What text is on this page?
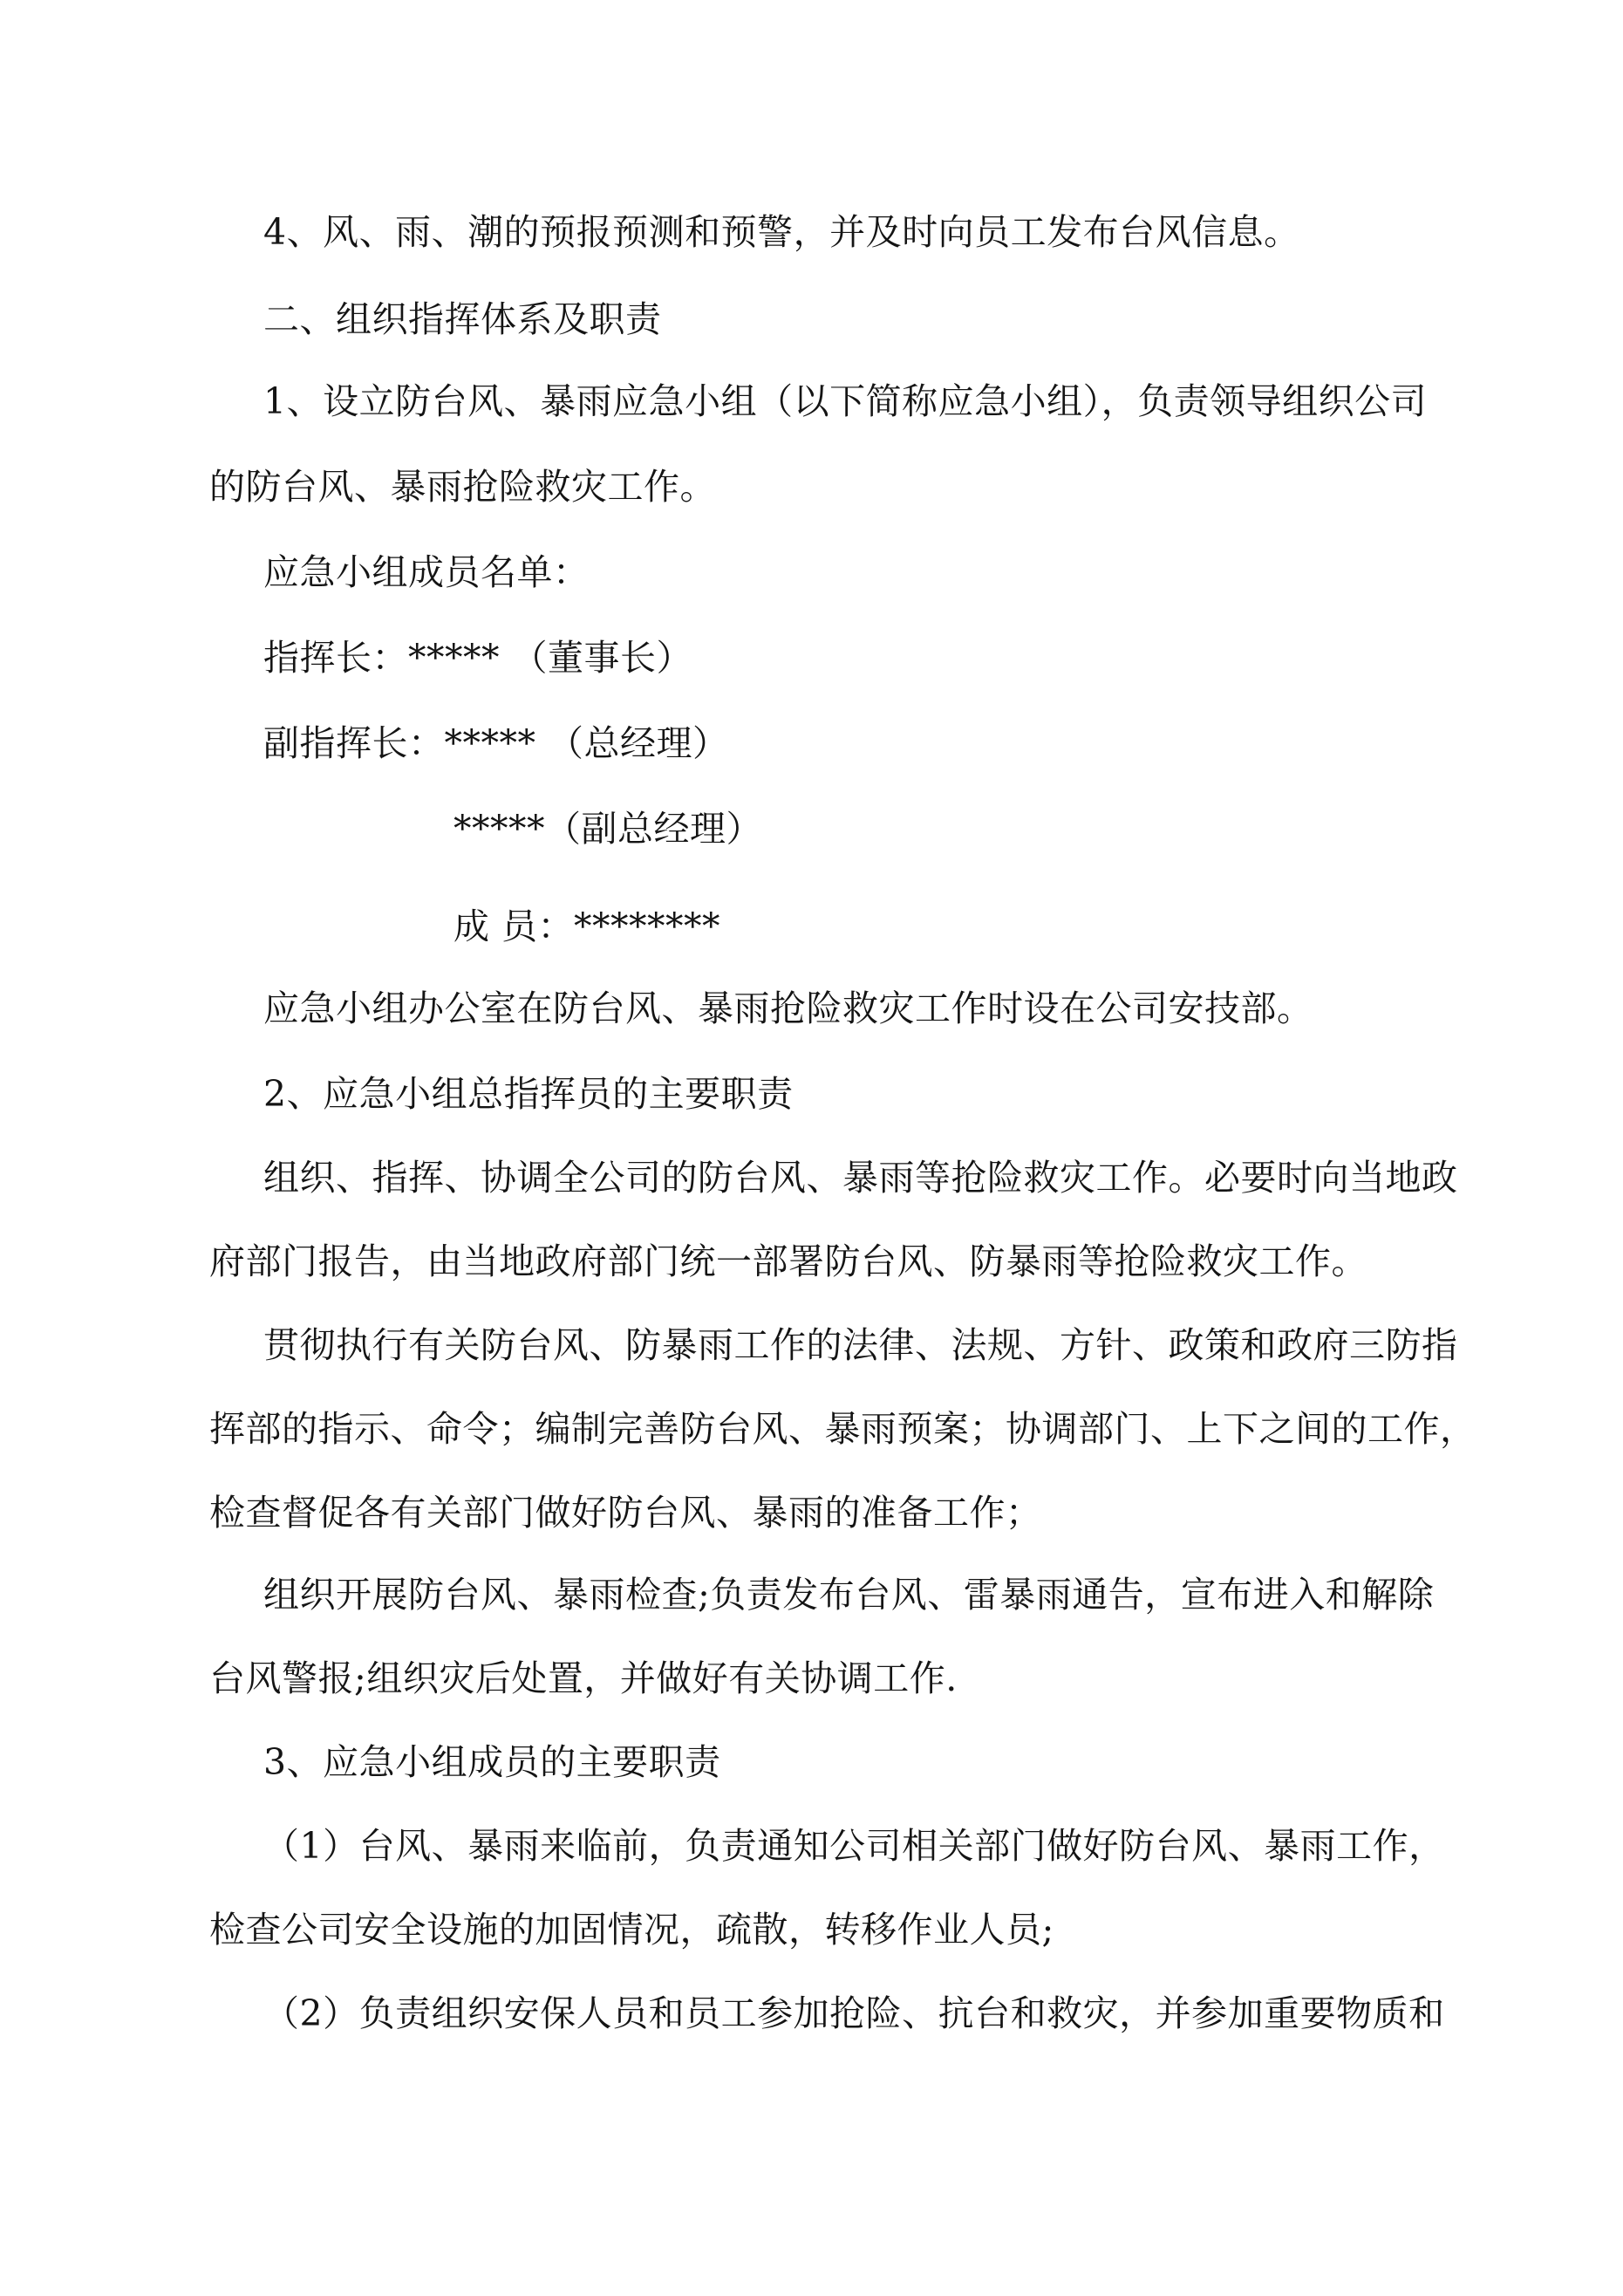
4、风、雨、潮的预报预测和预警，并及时向员工发布台风信息。
二、组织指挥体系及职责
1、设立防台风、暴雨应急小组（以下简称应急小组），负责领导组织公司
的防台风、暴雨抢险救灾工作。
应急小组成员名单：
指挥长：***** （董事长）
副指挥长：***** （总经理）
*****（副总经理）
成 员：********
应急小组办公室在防台风、暴雨抢险救灾工作时设在公司安技部。
2、应急小组总指挥员的主要职责
组织、指挥、协调全公司的防台风、暴雨等抢险救灾工作。必要时向当地政
府部门报告，由当地政府部门统一部署防台风、防暴雨等抢险救灾工作。
贯彻执行有关防台风、防暴雨工作的法律、法规、方针、政策和政府三防指
挥部的指示、命令；编制完善防台风、暴雨预案；协调部门、上下之间的工作，
检查督促各有关部门做好防台风、暴雨的准备工作；
组织开展防台风、暴雨检查;负责发布台风、雷暴雨通告，宣布进入和解除
台风警报;组织灾后处置，并做好有关协调工作.
3、应急小组成员的主要职责
（1）台风、暴雨来临前，负责通知公司相关部门做好防台风、暴雨工作，
检查公司安全设施的加固情况，疏散，转移作业人员;
（2）负责组织安保人员和员工参加抢险、抗台和救灾，并参加重要物质和
